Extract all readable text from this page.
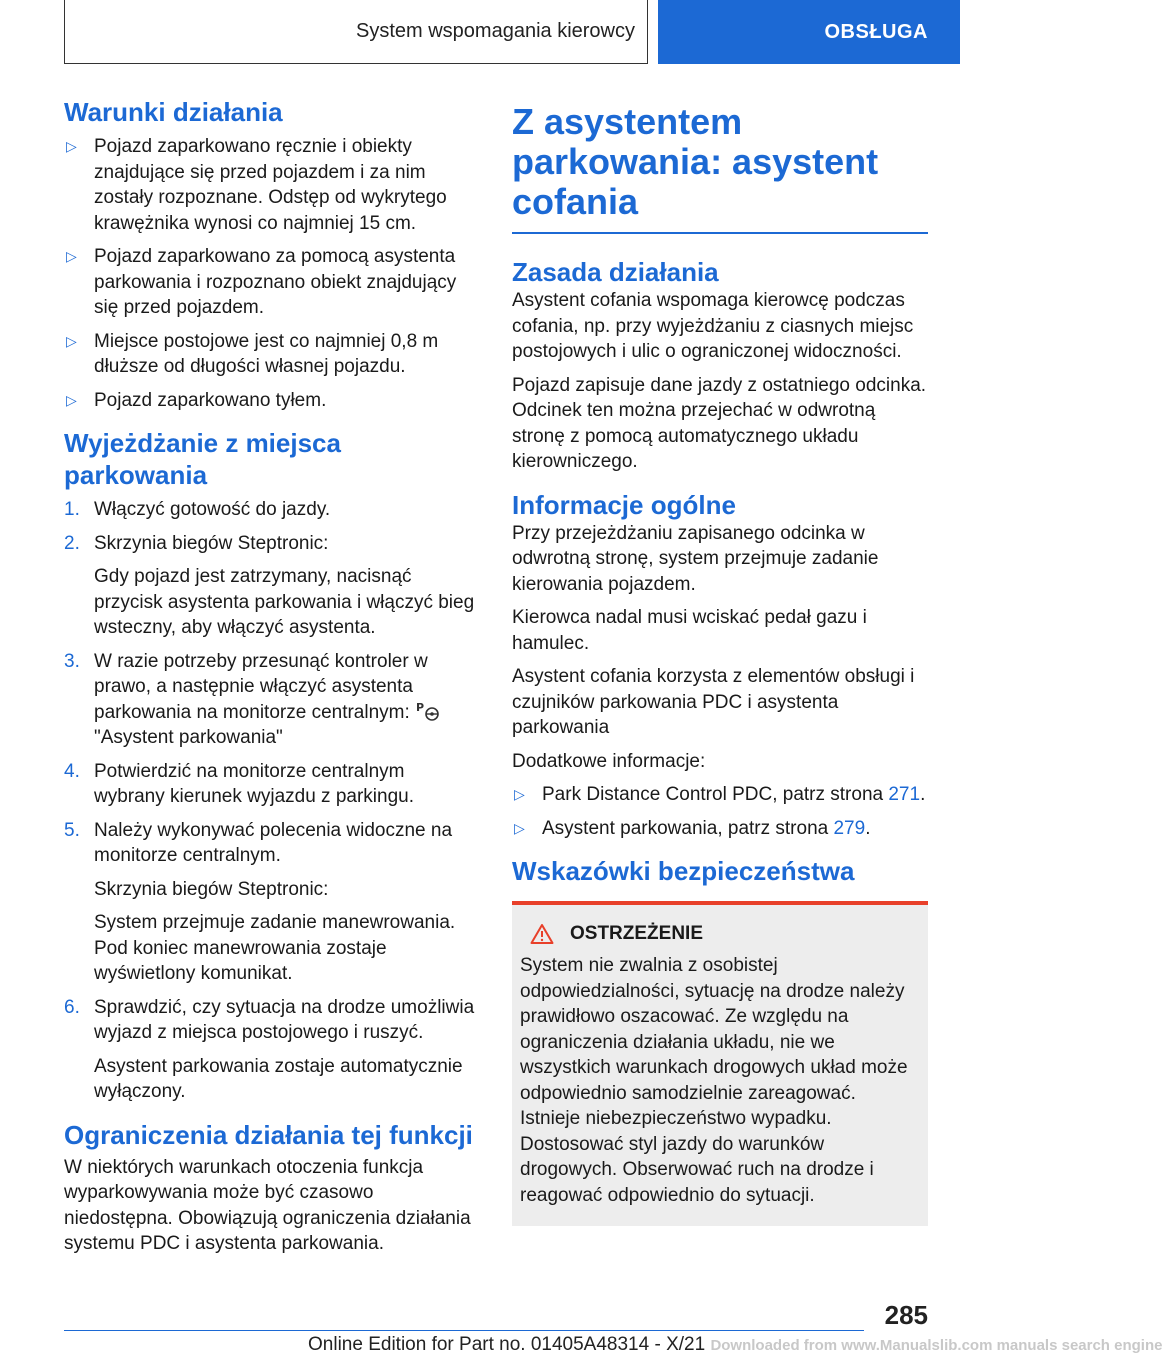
System wspomagania kierowcy	OBSŁUGA
Warunki działania
▷ Pojazd zaparkowano ręcznie i obiekty znajdujące się przed pojazdem i za nim zostały rozpoznane. Odstęp od wykrytego krawężnika wynosi co najmniej 15 cm.
▷ Pojazd zaparkowano za pomocą asystenta parkowania i rozpoznano obiekt znajdujący się przed pojazdem.
▷ Miejsce postojowe jest co najmniej 0,8 m dłuższe od długości własnej pojazdu.
▷ Pojazd zaparkowano tyłem.
Wyjeżdżanie z miejsca parkowania
1. Włączyć gotowość do jazdy.
2. Skrzynia biegów Steptronic:
Gdy pojazd jest zatrzymany, nacisnąć przycisk asystenta parkowania i włączyć bieg wsteczny, aby włączyć asystenta.
3. W razie potrzeby przesunąć kontroler w prawo, a następnie włączyć asystenta parkowania na monitorze centralnym: P
"Asystent parkowania"
4. Potwierdzić na monitorze centralnym wybrany kierunek wyjazdu z parkingu.
5. Należy wykonywać polecenia widoczne na monitorze centralnym.
Skrzynia biegów Steptronic:
System przejmuje zadanie manewrowania. Pod koniec manewrowania zostaje wyświetlony komunikat.
6. Sprawdzić, czy sytuacja na drodze umożliwia wyjazd z miejsca postojowego i ruszyć.
Asystent parkowania zostaje automatycznie wyłączony.
Ograniczenia działania tej funkcji

W niektórych warunkach otoczenia funkcja wyparkowywania może być czasowo niedostępna. Obowiązują ograniczenia działania systemu PDC i asystenta parkowania.

Z asystentem parkowania: asystent cofania
Zasada działania

Asystent cofania wspomaga kierowcę podczas cofania, np. przy wyjeżdżaniu z ciasnych miejsc postojowych i ulic o ograniczonej widoczności.

Pojazd zapisuje dane jazdy z ostatniego odcinka. Odcinek ten można przejechać w odwrotną stronę z pomocą automatycznego układu kierowniczego.

Informacje ogólne

Przy przejeżdżaniu zapisanego odcinka w odwrotną stronę, system przejmuje zadanie kierowania pojazdem.

Kierowca nadal musi wciskać pedał gazu i hamulec.

Asystent cofania korzysta z elementów obsługi i czujników parkowania PDC i asystenta parkowania

Dodatkowe informacje:

▷ Park Distance Control PDC, patrz strona 271.
▷ Asystent parkowania, patrz strona 279.
Wskazówki bezpieczeństwa
OSTRZEŻENIE

System nie zwalnia z osobistej odpowiedzialności, sytuację na drodze należy prawidłowo oszacować. Ze względu na ograniczenia działania układu, nie we wszystkich warunkach drogowych układ może odpowiednio samodzielnie zareagować. Istnieje niebezpieczeństwo wypadku. Dostosować styl jazdy do warunków drogowych. Obserwować ruch na drodze i reagować odpowiednio do sytuacji.

285
Online Edition for Part no. 01405A48314 - X/21 Downloaded from www.Manualslib.com manuals search engine
